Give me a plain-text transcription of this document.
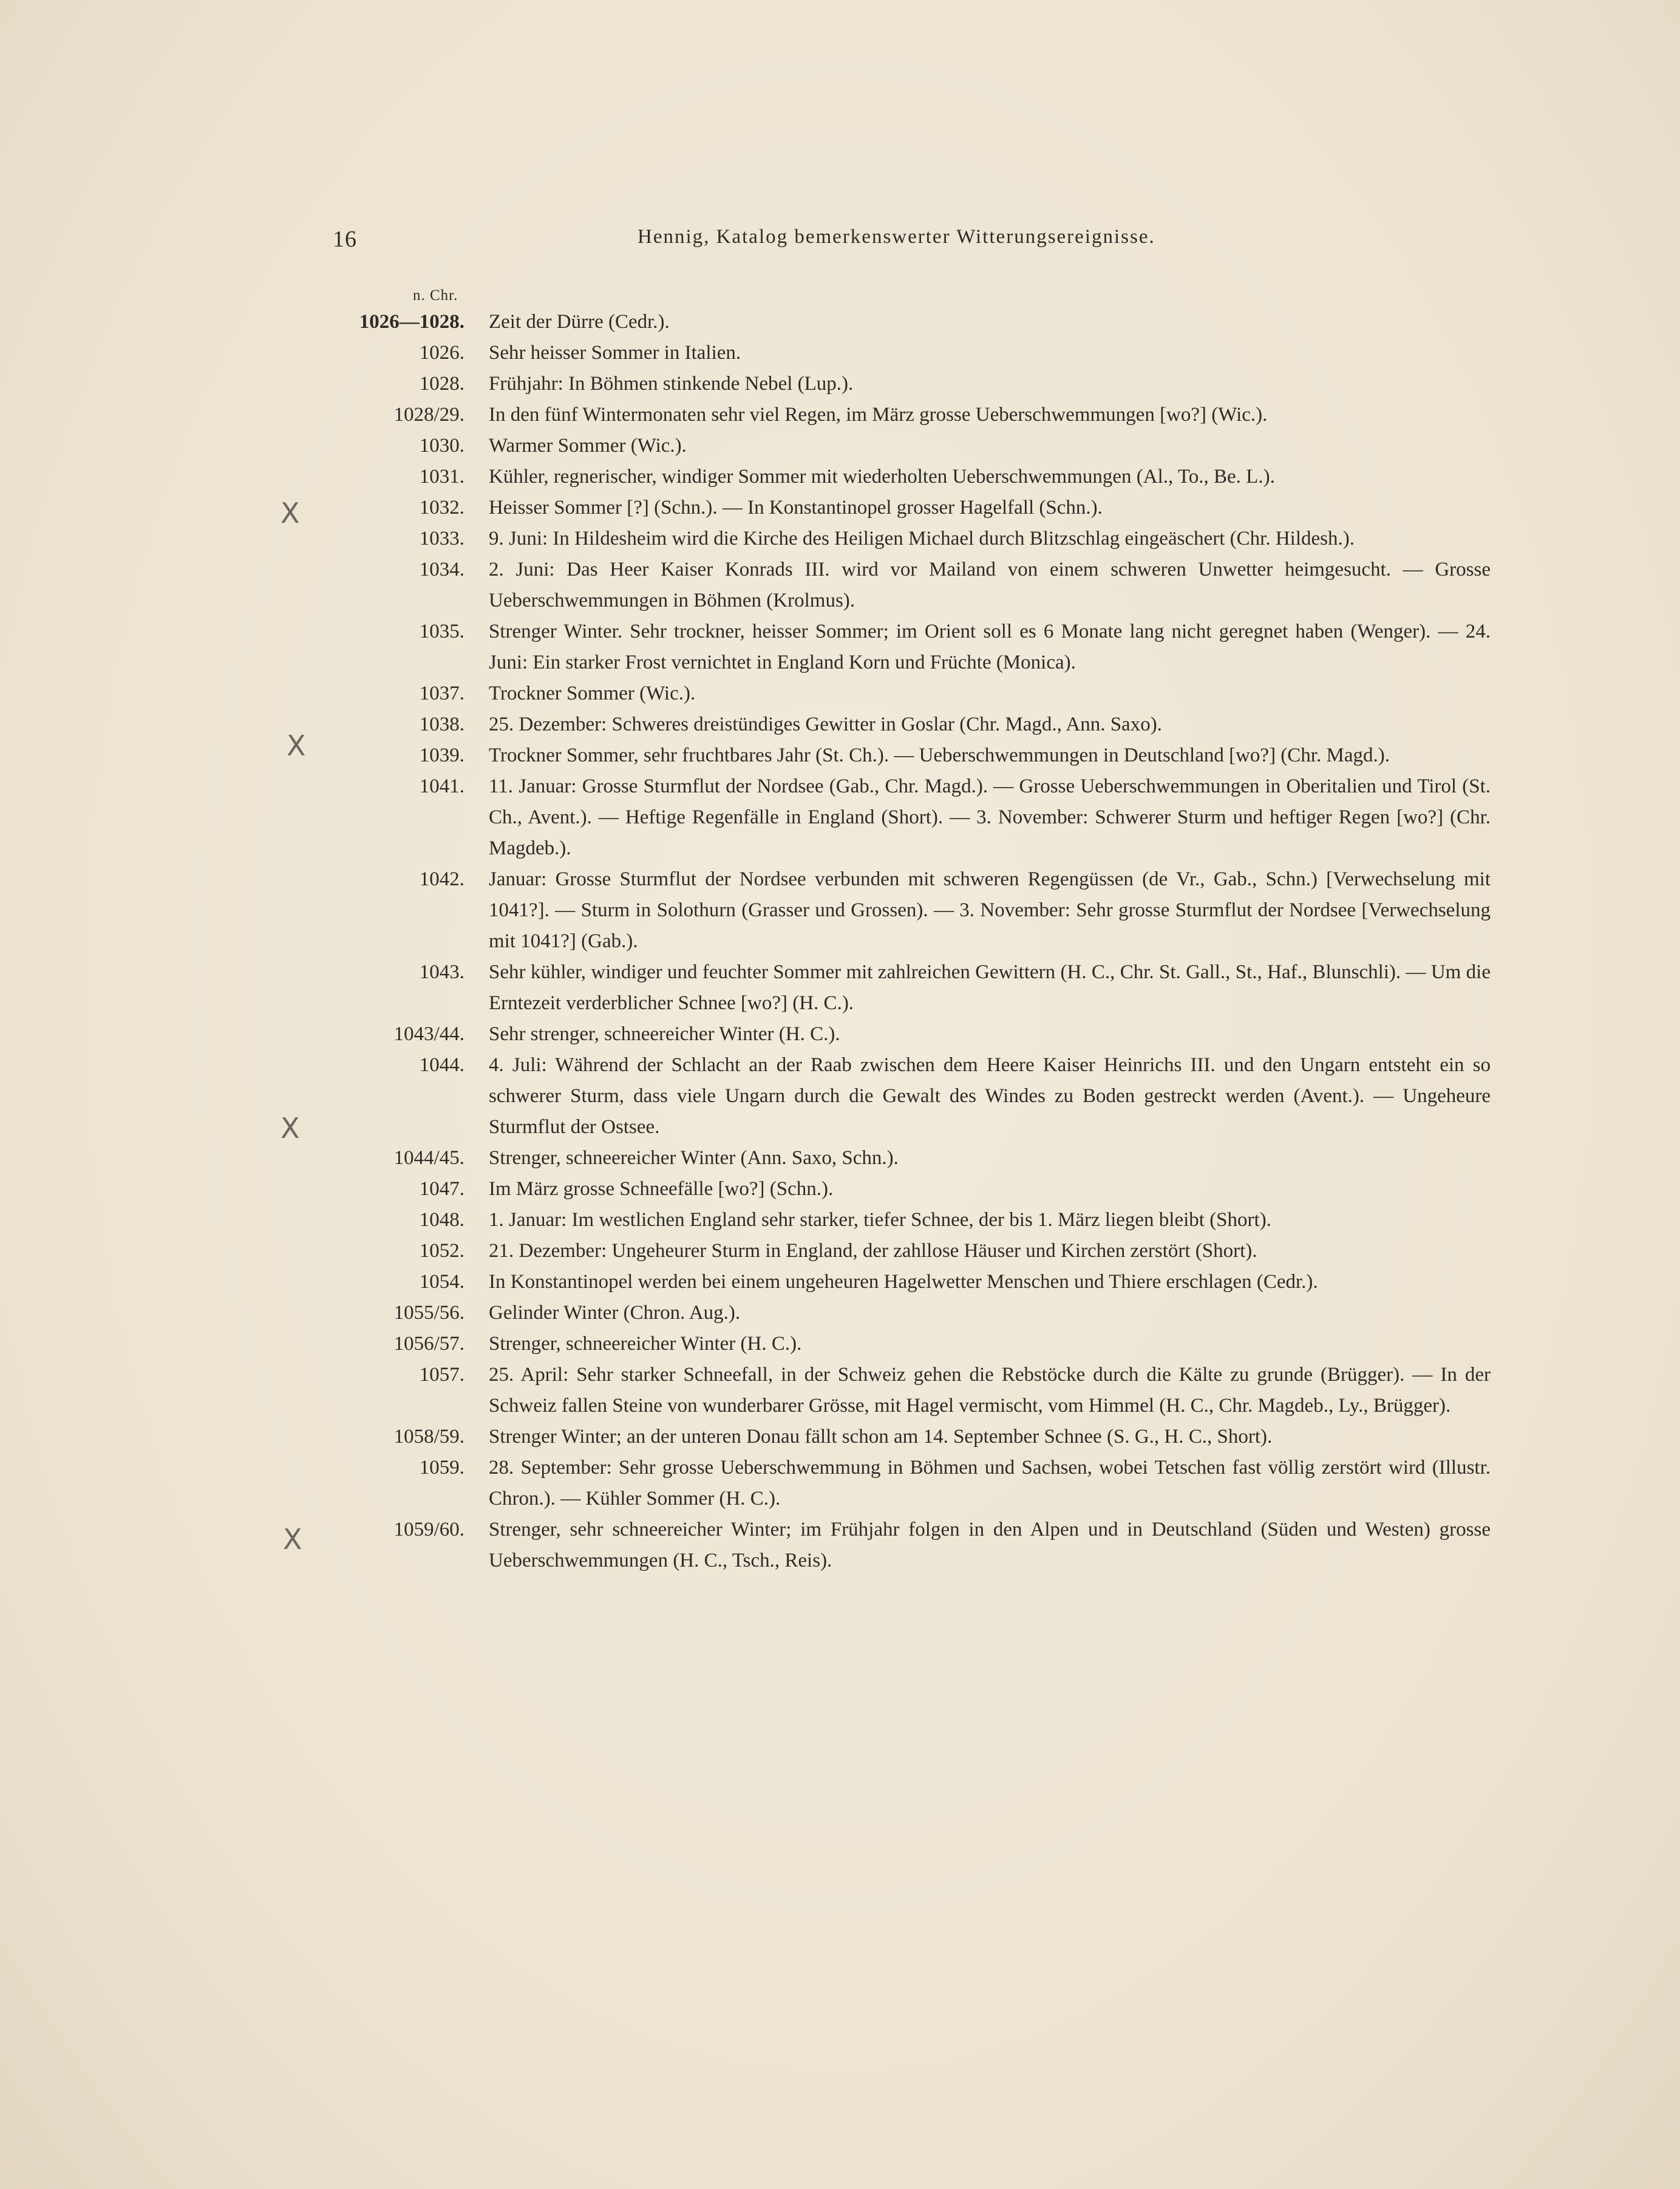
16	Hennig, Katalog bemerkenswerter Witterungsereignisse.
n. Chr.
1026—1028. Zeit der Dürre (Cedr.).
1026. Sehr heisser Sommer in Italien.
1028. Frühjahr: In Böhmen stinkende Nebel (Lup.).
1028/29. In den fünf Wintermonaten sehr viel Regen, im März grosse Ueberschwemmungen [wo?] (Wic.).
1030. Warmer Sommer (Wic.).
1031. Kühler, regnerischer, windiger Sommer mit wiederholten Ueberschwemmungen (Al., To., Be. L.).
1032. Heisser Sommer [?] (Schn.). — In Konstantinopel grosser Hagelfall (Schn.).
1033. 9. Juni: In Hildesheim wird die Kirche des Heiligen Michael durch Blitzschlag eingeäschert (Chr. Hildesh.).
1034. 2. Juni: Das Heer Kaiser Konrads III. wird vor Mailand von einem schweren Unwetter heimgesucht. — Grosse Ueberschwemmungen in Böhmen (Krolmus).
1035. Strenger Winter. Sehr trockner, heisser Sommer; im Orient soll es 6 Monate lang nicht geregnet haben (Wenger). — 24. Juni: Ein starker Frost vernichtet in England Korn und Früchte (Monica).
1037. Trockner Sommer (Wic.).
1038. 25. Dezember: Schweres dreistündiges Gewitter in Goslar (Chr. Magd., Ann. Saxo).
1039. Trockner Sommer, sehr fruchtbares Jahr (St. Ch.). — Ueberschwemmungen in Deutschland [wo?] (Chr. Magd.).
1041. 11. Januar: Grosse Sturmflut der Nordsee (Gab., Chr. Magd.). — Grosse Ueberschwemmungen in Oberitalien und Tirol (St. Ch., Avent.). — Heftige Regenfälle in England (Short). — 3. November: Schwerer Sturm und heftiger Regen [wo?] (Chr. Magdeb.).
1042. Januar: Grosse Sturmflut der Nordsee verbunden mit schweren Regengüssen (de Vr., Gab., Schn.) [Verwechselung mit 1041?]. — Sturm in Solothurn (Grasser und Grossen). — 3. November: Sehr grosse Sturmflut der Nordsee [Verwechselung mit 1041?] (Gab.).
1043. Sehr kühler, windiger und feuchter Sommer mit zahlreichen Gewittern (H. C., Chr. St. Gall., St., Haf., Blunschli). — Um die Erntezeit verderblicher Schnee [wo?] (H. C.).
1043/44. Sehr strenger, schneereicher Winter (H. C.).
1044. 4. Juli: Während der Schlacht an der Raab zwischen dem Heere Kaiser Heinrichs III. und den Ungarn entsteht ein so schwerer Sturm, dass viele Ungarn durch die Gewalt des Windes zu Boden gestreckt werden (Avent.). — Ungeheure Sturmflut der Ostsee.
1044/45. Strenger, schneereicher Winter (Ann. Saxo, Schn.).
1047. Im März grosse Schneefälle [wo?] (Schn.).
1048. 1. Januar: Im westlichen England sehr starker, tiefer Schnee, der bis 1. März liegen bleibt (Short).
1052. 21. Dezember: Ungeheurer Sturm in England, der zahllose Häuser und Kirchen zerstört (Short).
1054. In Konstantinopel werden bei einem ungeheuren Hagelwetter Menschen und Thiere erschlagen (Cedr.).
1055/56. Gelinder Winter (Chron. Aug.).
1056/57. Strenger, schneereicher Winter (H. C.).
1057. 25. April: Sehr starker Schneefall, in der Schweiz gehen die Rebstöcke durch die Kälte zu grunde (Brügger). — In der Schweiz fallen Steine von wunderbarer Grösse, mit Hagel vermischt, vom Himmel (H. C., Chr. Magdeb., Ly., Brügger).
1058/59. Strenger Winter; an der unteren Donau fällt schon am 14. September Schnee (S. G., H. C., Short).
1059. 28. September: Sehr grosse Ueberschwemmung in Böhmen und Sachsen, wobei Tetschen fast völlig zerstört wird (Illustr. Chron.). — Kühler Sommer (H. C.).
1059/60. Strenger, sehr schneereicher Winter; im Frühjahr folgen in den Alpen und in Deutschland (Süden und Westen) grosse Ueberschwemmungen (H. C., Tsch., Reis).
X
X
X
X
